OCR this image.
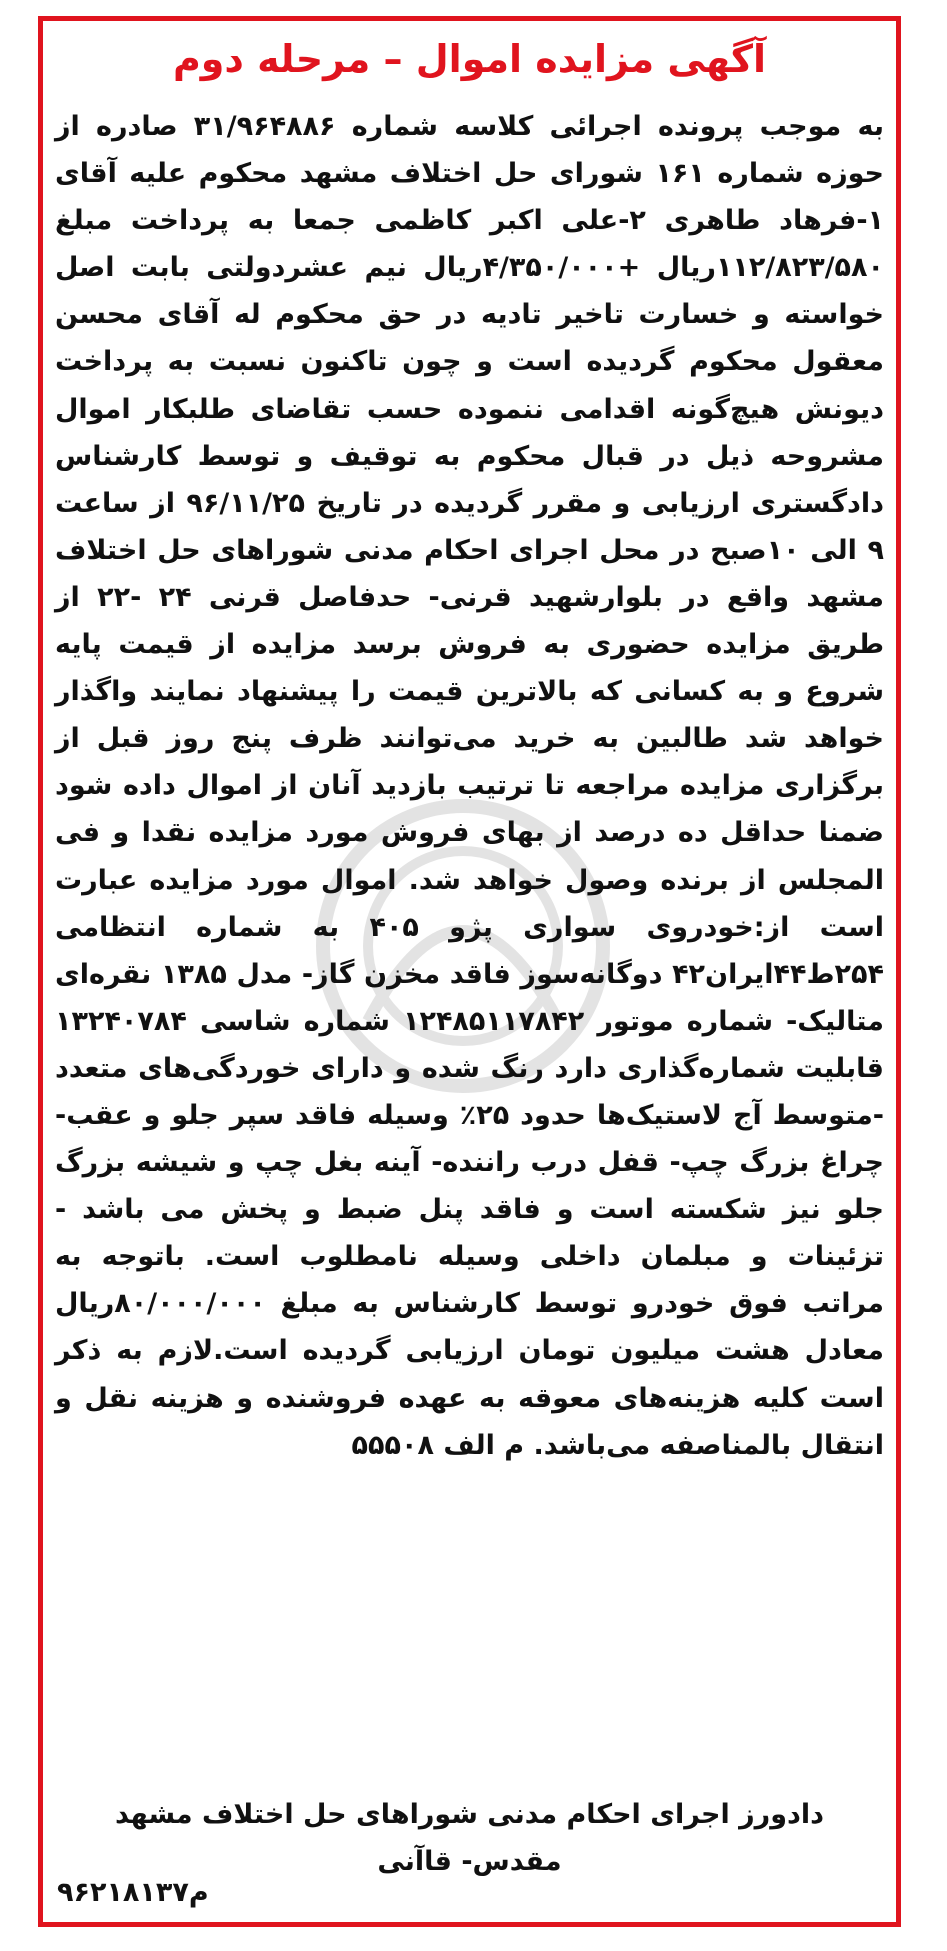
آگهی مزایده اموال – مرحله دوم

به موجب پرونده اجرائی کلاسه شماره ۳۱/۹۶۴۸۸۶ صادره از حوزه شماره ۱۶۱ شورای حل اختلاف مشهد محکوم علیه آقای ۱-فرهاد طاهری ۲-علی اکبر کاظمی جمعا به پرداخت مبلغ ۱۱۲/۸۲۳/۵۸۰ریال +۴/۳۵۰/۰۰۰ریال نیم عشردولتی بابت اصل خواسته و خسارت تاخیر تادیه در حق محکوم له آقای محسن معقول محکوم گردیده است و چون تاکنون نسبت به پرداخت دیونش هیچ‌گونه اقدامی ننموده حسب تقاضای طلبکار اموال مشروحه ذیل در قبال محکوم به توقیف و توسط کارشناس دادگستری ارزیابی و مقرر گردیده در تاریخ ۹۶/۱۱/۲۵ از ساعت ۹ الی ۱۰صبح در محل اجرای احکام مدنی شوراهای حل اختلاف مشهد واقع در بلوارشهید قرنی- حدفاصل قرنی ۲۴ -۲۲ از طریق مزایده حضوری به فروش برسد مزایده از قیمت پایه شروع و به کسانی که بالاترین قیمت را پیشنهاد نمایند واگذار خواهد شد طالبین به خرید می‌توانند ظرف پنج روز قبل از برگزاری مزایده مراجعه تا ترتیب بازدید آنان از اموال داده شود ضمنا حداقل ده درصد از بهای فروش مورد مزایده نقدا و فی المجلس از برنده وصول خواهد شد. اموال مورد مزایده عبارت است از:خودروی سواری پژو ۴۰۵ به شماره انتظامی ۲۵۴ط۴۴ایران۴۲ دوگانه‌سوز فاقد مخزن گاز- مدل ۱۳۸۵ نقره‌ای متالیک- شماره موتور ۱۲۴۸۵۱۱۷۸۴۲ شماره شاسی ۱۳۲۴۰۷۸۴ قابلیت شماره‌گذاری دارد رنگ شده و دارای خوردگی‌های متعدد -متوسط آج لاستیک‌ها حدود ۲۵٪ وسیله فاقد سپر جلو و عقب- چراغ بزرگ چپ- قفل درب راننده- آینه بغل چپ و شیشه بزرگ جلو نیز شکسته است و فاقد پنل ضبط و پخش می باشد - تزئینات و مبلمان داخلی وسیله نامطلوب است. باتوجه به مراتب فوق خودرو توسط کارشناس به مبلغ ۸۰/۰۰۰/۰۰۰ریال معادل هشت میلیون تومان ارزیابی گردیده است.لازم به ذکر است کلیه هزینه‌های معوقه به عهده فروشنده و هزینه نقل و انتقال بالمناصفه می‌باشد. م الف ۵۵۵۰۸

دادورز اجرای احکام مدنی شوراهای حل اختلاف مشهد
مقدس- قاآنی
م۹۶۲۱۸۱۳۷
